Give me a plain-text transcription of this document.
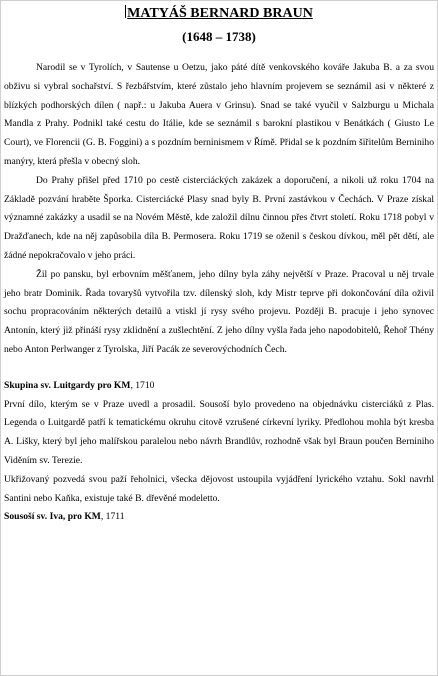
MATYÁŠ BERNARD BRAUN
(1648 – 1738)

Narodil se v Tyrolích, v Sautense u Oetzu, jako páté dítě venkovského kováře Jakuba B. a za svou obživu si vybral sochařství. S řezbářstvím, které zůstalo jeho hlavním projevem se seznámil asi v některé z blízkých podhorských dílen ( např.: u Jakuba Auera v Grinsu). Snad se také vyučil v Salzburgu u Michala Mandla z Prahy. Podnikl také cestu do Itálie, kde se seznámil s barokní plastikou v Benátkách ( Giusto Le Court), ve Florencii (G. B. Foggini) a s pozdním berninismem v Římě. Přidal se k pozdním šiřitelům Berniniho manýry, která přešla v obecný sloh.

Do Prahy přišel před 1710 po cestě cisterciáckých zakázek a doporučení, a nikoli už roku 1704 na Základě pozvání hraběte Šporka. Cisterciácké Plasy snad byly B. První zastávkou v Čechách. V Praze získal významné zakázky a usadil se na Novém Městě, kde založil dílnu činnou přes čtvrt století. Roku 1718 pobyl v Dražďanech, kde na něj zapůsobila díla B. Permosera. Roku 1719 se oženil s českou dívkou, měl pět dětí, ale žádné nepokračovalo v jeho práci.

Žil po pansku, byl erbovním měšťanem, jeho dílny byla záhy největší v Praze. Pracoval u něj trvale jeho bratr Dominik. Řada tovaryšů vytvořila tzv. dílenský sloh, kdy Mistr teprve při dokončování díla oživil sochu propracováním některých detailů a vtiskl jí rysy svého projevu. Později B. pracuje i jeho synovec Antonín, který již přináší rysy zklidnění a zušlechtění. Z jeho dílny vyšla řada jeho napodobitelů, Řehoř Thény nebo Anton Perlwanger z Tyrolska, Jiří Pacák ze severovýchodních Čech.

Skupina sv. Luitgardy pro KM, 1710

První dílo, kterým se v Praze uvedl a prosadil. Sousoší bylo provedeno na objednávku cisterciáků z Plas. Legenda o Luitgardě patří k tematickému okruhu citově vzrušené církevní lyriky. Předlohou mohla být kresba A. Lišky, který byl jeho malířskou paralelou nebo návrh Brandlův, rozhodně však byl Braun poučen Berniniho Viděním sv. Terezie.

Ukřižovaný pozvedá svou paží řeholnici, všecka dějovost ustoupila vyjádření lyrického vztahu. Sokl navrhl Santini nebo Kaňka, existuje také B. dřevěné modeletto.

Sousoší sv. Iva, pro KM, 1711
